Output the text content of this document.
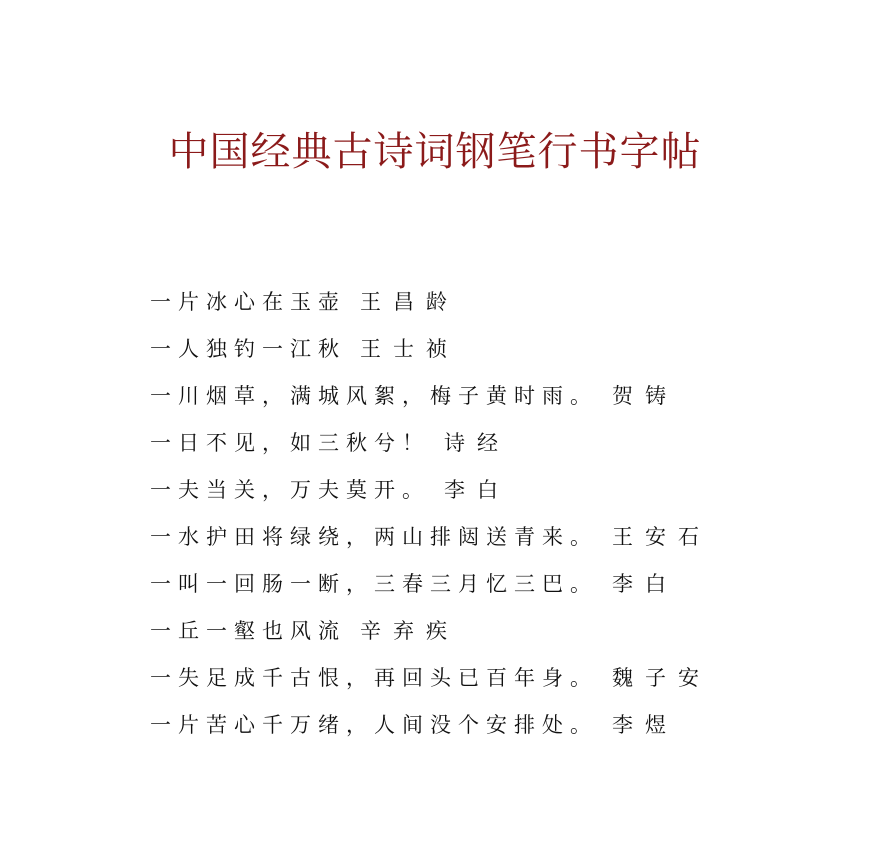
中国经典古诗词钢笔行书字帖
一片冰心在玉壶 王昌龄
一人独钓一江秋 王士祯
一川烟草，满城风絮，梅子黄时雨。 贺铸
一日不见，如三秋兮！ 诗经
一夫当关，万夫莫开。 李白
一水护田将绿绕，两山排闼送青来。 王安石
一叫一回肠一断，三春三月忆三巴。 李白
一丘一壑也风流 辛弃疾
一失足成千古恨，再回头已百年身。 魏子安
一片苦心千万绪，人间没个安排处。 李煜
